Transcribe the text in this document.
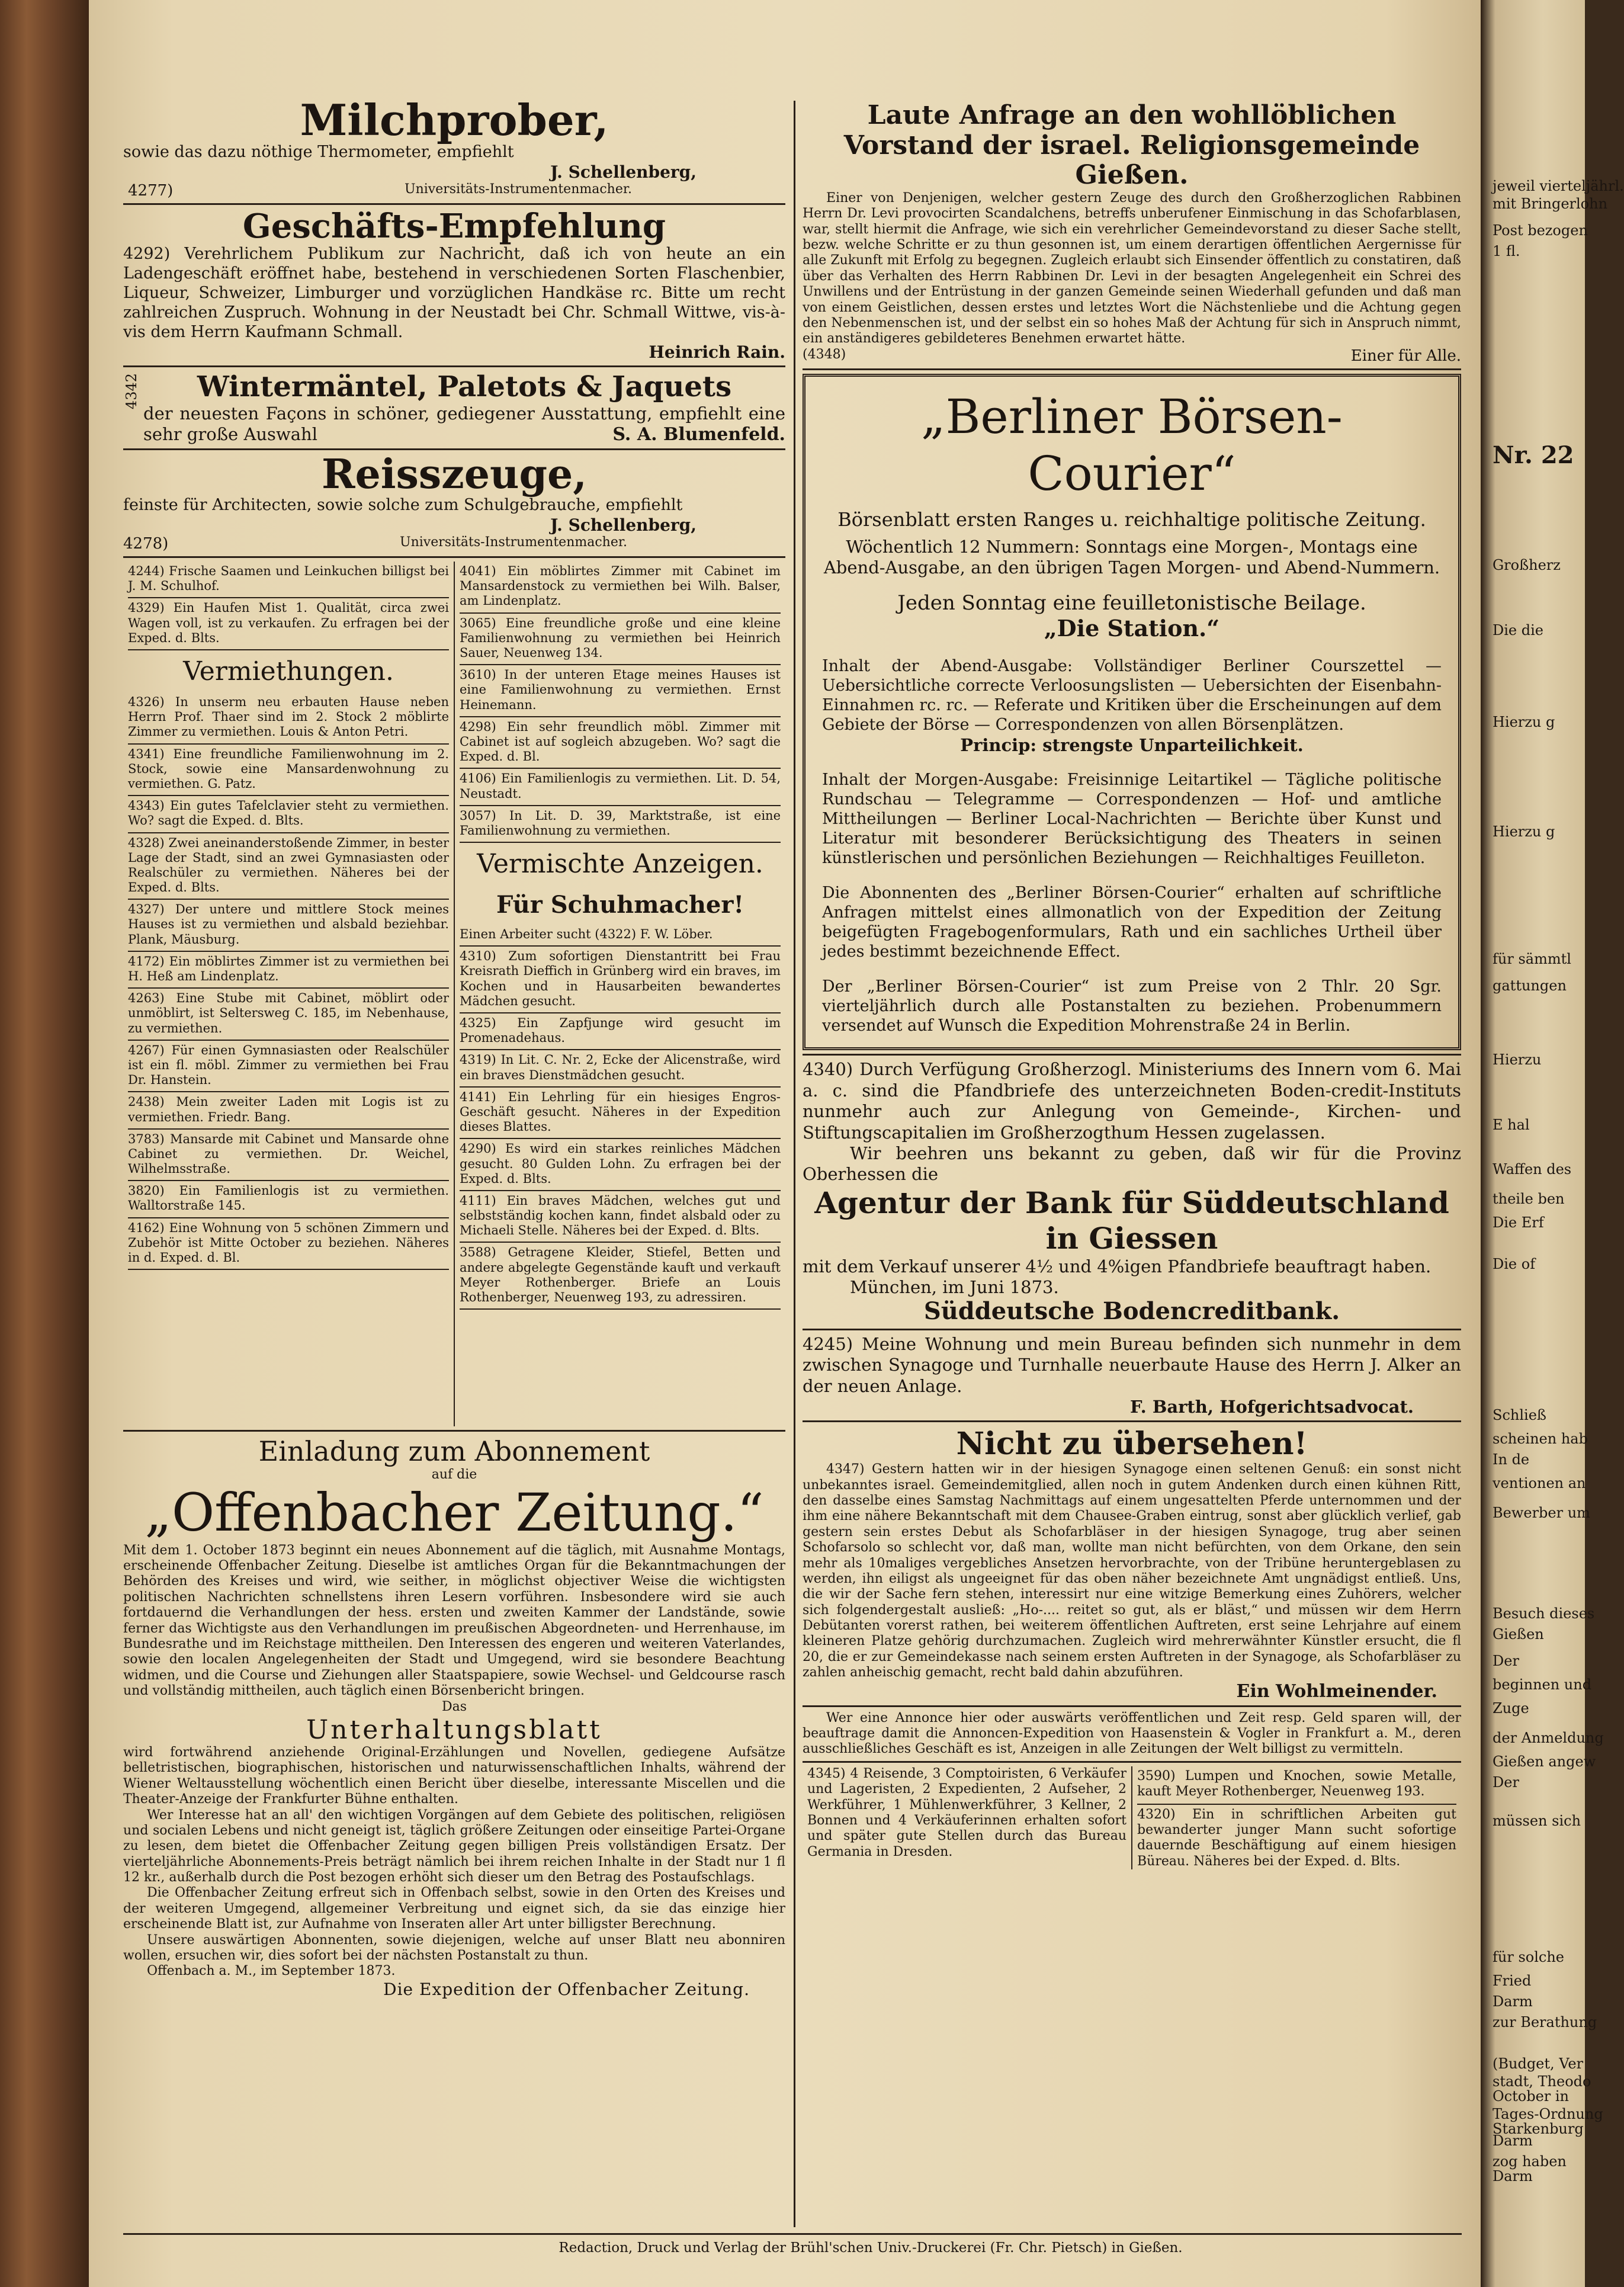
Milchprober,
sowie das dazu nöthige Thermometer, empfiehlt
J. Schellenberg,
4277)	Universitäts-Instrumentenmacher.
Geschäfts-Empfehlung
4292) Verehrlichem Publikum zur Nachricht, daß ich von heute an ein Ladengeschäft eröffnet habe, bestehend in verschiedenen Sorten Flaschenbier, Liqueur, Schweizer, Limburger und vorzüglichen Handkäse rc. Bitte um recht zahlreichen Zuspruch. Wohnung in der Neustadt bei Chr. Schmall Wittwe, vis-à-vis dem Herrn Kaufmann Schmall.
Heinrich Rain.
4342	Wintermäntel, Paletots & Jaquets
der neuesten Façons in schöner, gediegener Ausstattung, empfiehlt eine sehr große Auswahl	S. A. Blumenfeld.
Reisszeuge,
feinste für Architecten, sowie solche zum Schulgebrauche, empfiehlt
J. Schellenberg,
4278)	Universitäts-Instrumentenmacher.
4244) Frische Saamen und Leinkuchen billigst bei J. M. Schulhof.
4329) Ein Haufen Mist 1. Qualität, circa zwei Wagen voll, ist zu verkaufen. Zu erfragen bei der Exped. d. Blts.
Vermiethungen.
4326) In unserm neu erbauten Hause neben Herrn Prof. Thaer sind im 2. Stock 2 möblirte Zimmer zu vermiethen. Louis & Anton Petri.
4341) Eine freundliche Familienwohnung im 2. Stock, sowie eine Mansardenwohnung zu vermiethen. G. Patz.
4343) Ein gutes Tafelclavier steht zu vermiethen. Wo? sagt die Exped. d. Blts.
4328) Zwei aneinanderstoßende Zimmer, in bester Lage der Stadt, sind an zwei Gymnasiasten oder Realschüler zu vermiethen. Näheres bei der Exped. d. Blts.
4327) Der untere und mittlere Stock meines Hauses ist zu vermiethen und alsbald beziehbar. Plank, Mäusburg.
4172) Ein möblirtes Zimmer ist zu vermiethen bei H. Heß am Lindenplatz.
4263) Eine Stube mit Cabinet, möblirt oder unmöblirt, ist Seltersweg C. 185, im Nebenhause, zu vermiethen.
4267) Für einen Gymnasiasten oder Realschüler ist ein fl. möbl. Zimmer zu vermiethen bei Frau Dr. Hanstein.
2438) Mein zweiter Laden mit Logis ist zu vermiethen. Friedr. Bang.
3783) Mansarde mit Cabinet und Mansarde ohne Cabinet zu vermiethen. Dr. Weichel, Wilhelmsstraße.
3820) Ein Familienlogis ist zu vermiethen. Walltorstraße 145.
4162) Eine Wohnung von 5 schönen Zimmern und Zubehör ist Mitte October zu beziehen. Näheres in d. Exped. d. Bl.
4041) Ein möblirtes Zimmer mit Cabinet im Mansardenstock zu vermiethen bei Wilh. Balser, am Lindenplatz.
3065) Eine freundliche große und eine kleine Familienwohnung zu vermiethen bei Heinrich Sauer, Neuenweg 134.
3610) In der unteren Etage meines Hauses ist eine Familienwohnung zu vermiethen. Ernst Heinemann.
4298) Ein sehr freundlich möbl. Zimmer mit Cabinet ist auf sogleich abzugeben. Wo? sagt die Exped. d. Bl.
4106) Ein Familienlogis zu vermiethen. Lit. D. 54, Neustadt.
3057) In Lit. D. 39, Marktstraße, ist eine Familienwohnung zu vermiethen.
Vermischte Anzeigen.
Für Schuhmacher!
Einen Arbeiter sucht (4322) F. W. Löber.
4310) Zum sofortigen Dienstantritt bei Frau Kreisrath Dieffich in Grünberg wird ein braves, im Kochen und in Hausarbeiten bewandertes Mädchen gesucht.
4325) Ein Zapfjunge wird gesucht im Promenadehaus.
4319) In Lit. C. Nr. 2, Ecke der Alicenstraße, wird ein braves Dienstmädchen gesucht.
4141) Ein Lehrling für ein hiesiges Engros-Geschäft gesucht. Näheres in der Expedition dieses Blattes.
4290) Es wird ein starkes reinliches Mädchen gesucht. 80 Gulden Lohn. Zu erfragen bei der Exped. d. Blts.
4111) Ein braves Mädchen, welches gut und selbstständig kochen kann, findet alsbald oder zu Michaeli Stelle. Näheres bei der Exped. d. Blts.
3588) Getragene Kleider, Stiefel, Betten und andere abgelegte Gegenstände kauft und verkauft Meyer Rothenberger. Briefe an Louis Rothenberger, Neuenweg 193, zu adressiren.
Einladung zum Abonnement
auf die
„Offenbacher Zeitung.“
Mit dem 1. October 1873 beginnt ein neues Abonnement auf die täglich, mit Ausnahme Montags, erscheinende Offenbacher Zeitung. Dieselbe ist amtliches Organ für die Bekanntmachungen der Behörden des Kreises und wird, wie seither, in möglichst objectiver Weise die wichtigsten politischen Nachrichten schnellstens ihren Lesern vorführen. Insbesondere wird sie auch fortdauernd die Verhandlungen der hess. ersten und zweiten Kammer der Landstände, sowie ferner das Wichtigste aus den Verhandlungen im preußischen Abgeordneten- und Herrenhause, im Bundesrathe und im Reichstage mittheilen. Den Interessen des engeren und weiteren Vaterlandes, sowie den localen Angelegenheiten der Stadt und Umgegend, wird sie besondere Beachtung widmen, und die Course und Ziehungen aller Staatspapiere, sowie Wechsel- und Geldcourse rasch und vollständig mittheilen, auch täglich einen Börsenbericht bringen.
Das
Unterhaltungsblatt
wird fortwährend anziehende Original-Erzählungen und Novellen, gediegene Aufsätze belletristischen, biographischen, historischen und naturwissenschaftlichen Inhalts, während der Wiener Weltausstellung wöchentlich einen Bericht über dieselbe, interessante Miscellen und die Theater-Anzeige der Frankfurter Bühne enthalten.
Wer Interesse hat an all' den wichtigen Vorgängen auf dem Gebiete des politischen, religiösen und socialen Lebens und nicht geneigt ist, täglich größere Zeitungen oder einseitige Partei-Organe zu lesen, dem bietet die Offenbacher Zeitung gegen billigen Preis vollständigen Ersatz. Der vierteljährliche Abonnements-Preis beträgt nämlich bei ihrem reichen Inhalte in der Stadt nur 1 fl 12 kr., außerhalb durch die Post bezogen erhöht sich dieser um den Betrag des Postaufschlags.
Die Offenbacher Zeitung erfreut sich in Offenbach selbst, sowie in den Orten des Kreises und der weiteren Umgegend, allgemeiner Verbreitung und eignet sich, da sie das einzige hier erscheinende Blatt ist, zur Aufnahme von Inseraten aller Art unter billigster Berechnung.
Unsere auswärtigen Abonnenten, sowie diejenigen, welche auf unser Blatt neu abonniren wollen, ersuchen wir, dies sofort bei der nächsten Postanstalt zu thun.
Offenbach a. M., im September 1873.
Die Expedition der Offenbacher Zeitung.
Laute Anfrage an den wohllöblichen Vorstand der israel. Religionsgemeinde Gießen.
Einer von Denjenigen, welcher gestern Zeuge des durch den Großherzoglichen Rabbinen Herrn Dr. Levi provocirten Scandalchens, betreffs unberufener Einmischung in das Schofarblasen, war, stellt hiermit die Anfrage, wie sich ein verehrlicher Gemeindevorstand zu dieser Sache stellt, bezw. welche Schritte er zu thun gesonnen ist, um einem derartigen öffentlichen Aergernisse für alle Zukunft mit Erfolg zu begegnen. Zugleich erlaubt sich Einsender öffentlich zu constatiren, daß über das Verhalten des Herrn Rabbinen Dr. Levi in der besagten Angelegenheit ein Schrei des Unwillens und der Entrüstung in der ganzen Gemeinde seinen Wiederhall gefunden und daß man von einem Geistlichen, dessen erstes und letztes Wort die Nächstenliebe und die Achtung gegen den Nebenmenschen ist, und der selbst ein so hohes Maß der Achtung für sich in Anspruch nimmt, ein anständigeres gebildeteres Benehmen erwartet hätte.
(4348)	Einer für Alle.
„Berliner Börsen-Courier“
Börsenblatt ersten Ranges u. reichhaltige politische Zeitung.
Wöchentlich 12 Nummern: Sonntags eine Morgen-, Montags eine Abend-Ausgabe, an den übrigen Tagen Morgen- und Abend-Nummern.
Jeden Sonntag eine feuilletonistische Beilage.
„Die Station.“
Inhalt der Abend-Ausgabe: Vollständiger Berliner Courszettel — Uebersichtliche correcte Verloosungslisten — Uebersichten der Eisenbahn-Einnahmen rc. rc. — Referate und Kritiken über die Erscheinungen auf dem Gebiete der Börse — Correspondenzen von allen Börsenplätzen.
Princip: strengste Unparteilichkeit.
Inhalt der Morgen-Ausgabe: Freisinnige Leitartikel — Tägliche politische Rundschau — Telegramme — Correspondenzen — Hof- und amtliche Mittheilungen — Berliner Local-Nachrichten — Berichte über Kunst und Literatur mit besonderer Berücksichtigung des Theaters in seinen künstlerischen und persönlichen Beziehungen — Reichhaltiges Feuilleton.
Die Abonnenten des „Berliner Börsen-Courier“ erhalten auf schriftliche Anfragen mittelst eines allmonatlich von der Expedition der Zeitung beigefügten Fragebogenformulars, Rath und ein sachliches Urtheil über jedes bestimmt bezeichnende Effect.
Der „Berliner Börsen-Courier“ ist zum Preise von 2 Thlr. 20 Sgr. vierteljährlich durch alle Postanstalten zu beziehen. Probenummern versendet auf Wunsch die Expedition Mohrenstraße 24 in Berlin.
4340) Durch Verfügung Großherzogl. Ministeriums des Innern vom 6. Mai a. c. sind die Pfandbriefe des unterzeichneten Boden-credit-Instituts nunmehr auch zur Anlegung von Gemeinde-, Kirchen- und Stiftungscapitalien im Großherzogthum Hessen zugelassen.
Wir beehren uns bekannt zu geben, daß wir für die Provinz Oberhessen die
Agentur der Bank für Süddeutschland in Giessen
mit dem Verkauf unserer 4½ und 4%igen Pfandbriefe beauftragt haben.
München, im Juni 1873.
Süddeutsche Bodencreditbank.
4245) Meine Wohnung und mein Bureau befinden sich nunmehr in dem zwischen Synagoge und Turnhalle neuerbaute Hause des Herrn J. Alker an der neuen Anlage.
F. Barth, Hofgerichtsadvocat.
Nicht zu übersehen!
4347) Gestern hatten wir in der hiesigen Synagoge einen seltenen Genuß: ein sonst nicht unbekanntes israel. Gemeindemitglied, allen noch in gutem Andenken durch einen kühnen Ritt, den dasselbe eines Samstag Nachmittags auf einem ungesattelten Pferde unternommen und der ihm eine nähere Bekanntschaft mit dem Chausee-Graben eintrug, sonst aber glücklich verlief, gab gestern sein erstes Debut als Schofarbläser in der hiesigen Synagoge, trug aber seinen Schofarsolo so schlecht vor, daß man, wollte man nicht befürchten, von dem Orkane, den sein mehr als 10maliges vergebliches Ansetzen hervorbrachte, von der Tribüne heruntergeblasen zu werden, ihn eiligst als ungeeignet für das oben näher bezeichnete Amt ungnädigst entließ. Uns, die wir der Sache fern stehen, interessirt nur eine witzige Bemerkung eines Zuhörers, welcher sich folgendergestalt ausließ: „Ho-.... reitet so gut, als er bläst,“ und müssen wir dem Herrn Debütanten vorerst rathen, bei weiterem öffentlichen Auftreten, erst seine Lehrjahre auf einem kleineren Platze gehörig durchzumachen. Zugleich wird mehrerwähnter Künstler ersucht, die fl 20, die er zur Gemeindekasse nach seinem ersten Auftreten in der Synagoge, als Schofarbläser zu zahlen anheischig gemacht, recht bald dahin abzuführen.
Ein Wohlmeinender.
Wer eine Annonce hier oder auswärts veröffentlichen und Zeit resp. Geld sparen will, der beauftrage damit die Annoncen-Expedition von Haasenstein & Vogler in Frankfurt a. M., deren ausschließliches Geschäft es ist, Anzeigen in alle Zeitungen der Welt billigst zu vermitteln.
4345) 4 Reisende, 3 Comptoiristen, 6 Verkäufer und Lageristen, 2 Expedienten, 2 Aufseher, 2 Werkführer, 1 Mühlenwerkführer, 3 Kellner, 2 Bonnen und 4 Verkäuferinnen erhalten sofort und später gute Stellen durch das Bureau Germania in Dresden.
3590) Lumpen und Knochen, sowie Metalle, kauft Meyer Rothenberger, Neuenweg 193.
4320) Ein in schriftlichen Arbeiten gut bewanderter junger Mann sucht sofortige dauernde Beschäftigung auf einem hiesigen Büreau. Näheres bei der Exped. d. Blts.
Redaction, Druck und Verlag der Brühl'schen Univ.-Druckerei (Fr. Chr. Pietsch) in Gießen.
jeweil vierteljährl.
mit Bringerlohn
Post bezogen
1 fl.
Nr. 22
Großherz
Die die
Hierzu g
Hierzu g
für sämmtl
gattungen
Hierzu
E hal
Waffen des
theile ben
Die Erf
Die of
Schließ
scheinen hab
In de
ventionen an
Bewerber um
Besuch dieses
Gießen
Der
beginnen und
Zuge
der Anmeldung
Gießen angew
Der
müssen sich
für solche
Fried
Darm
zur Berathung
(Budget, Ver
October in
Tages-Ordnung
Darm
zog haben
stadt, Theodo
Starkenburg
Darm
